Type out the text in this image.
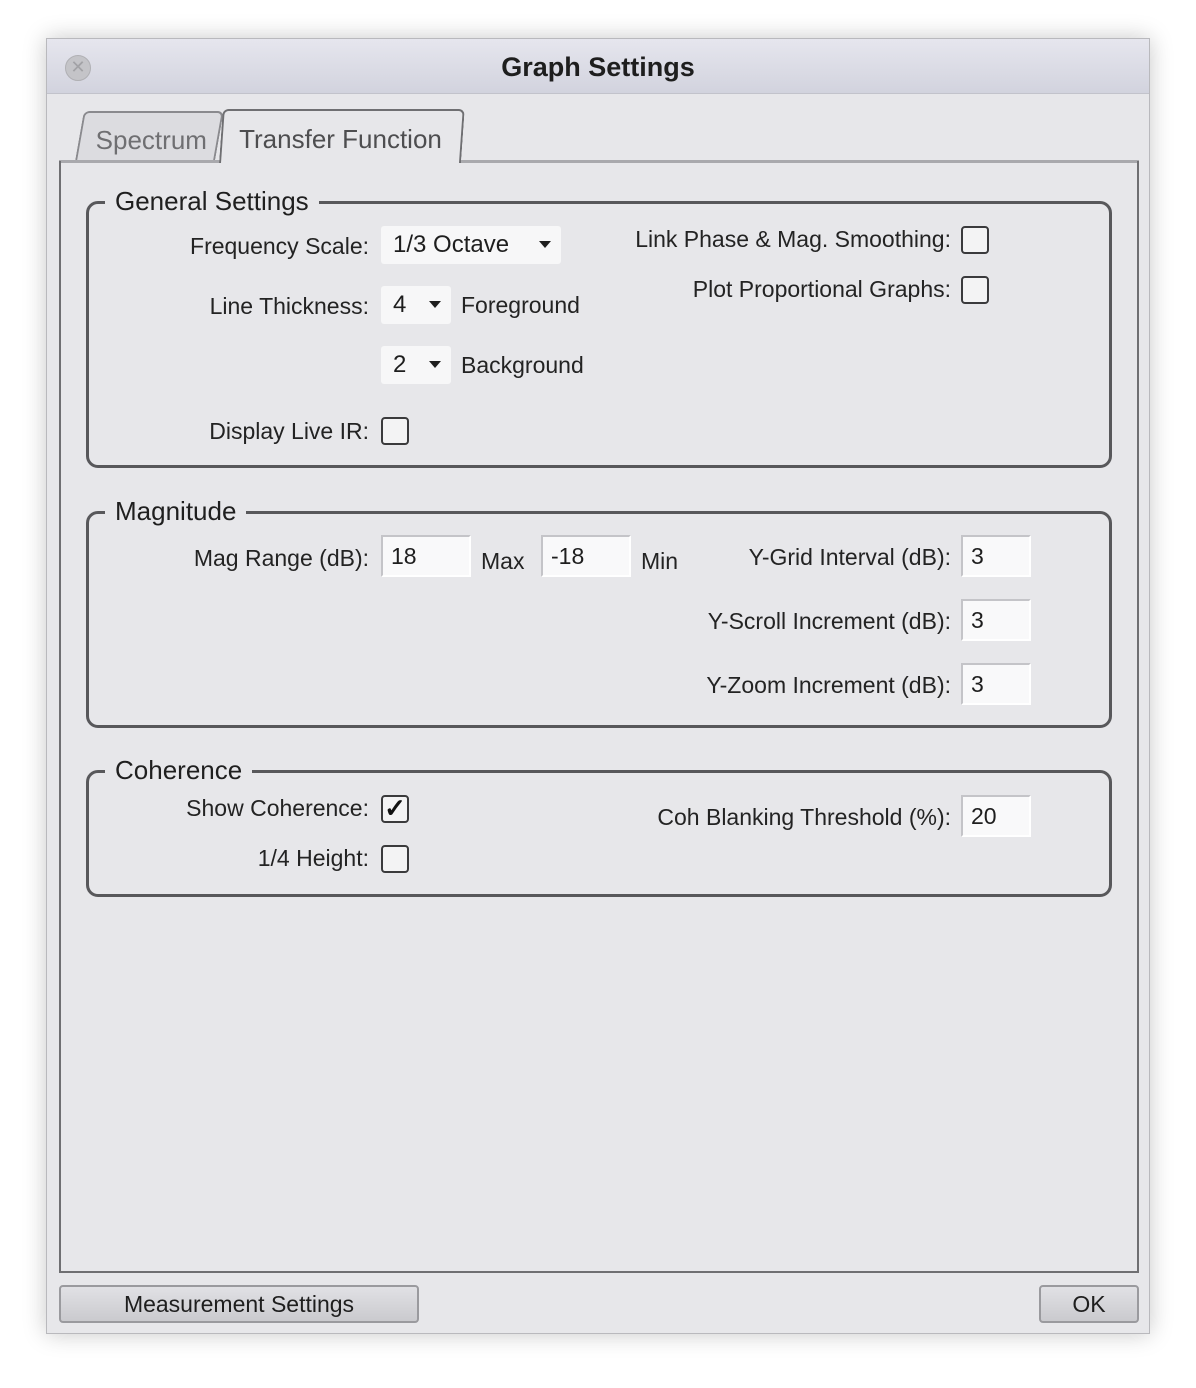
✕	Graph Settings
Spectrum	Transfer Function
General Settings
Frequency Scale:	1/3 Octave
Line Thickness:	4	Foreground
2	Background
Display Live IR:
Link Phase & Mag. Smoothing:
Plot Proportional Graphs:
Magnitude
Mag Range (dB): 18	Max	-18	Min	Y-Grid Interval (dB): 3
Y-Scroll Increment (dB): 3
Y-Zoom Increment (dB): 3
Coherence
Show Coherence: ✓
1/4 Height:
Coh Blanking Threshold (%): 20
Measurement Settings	OK
